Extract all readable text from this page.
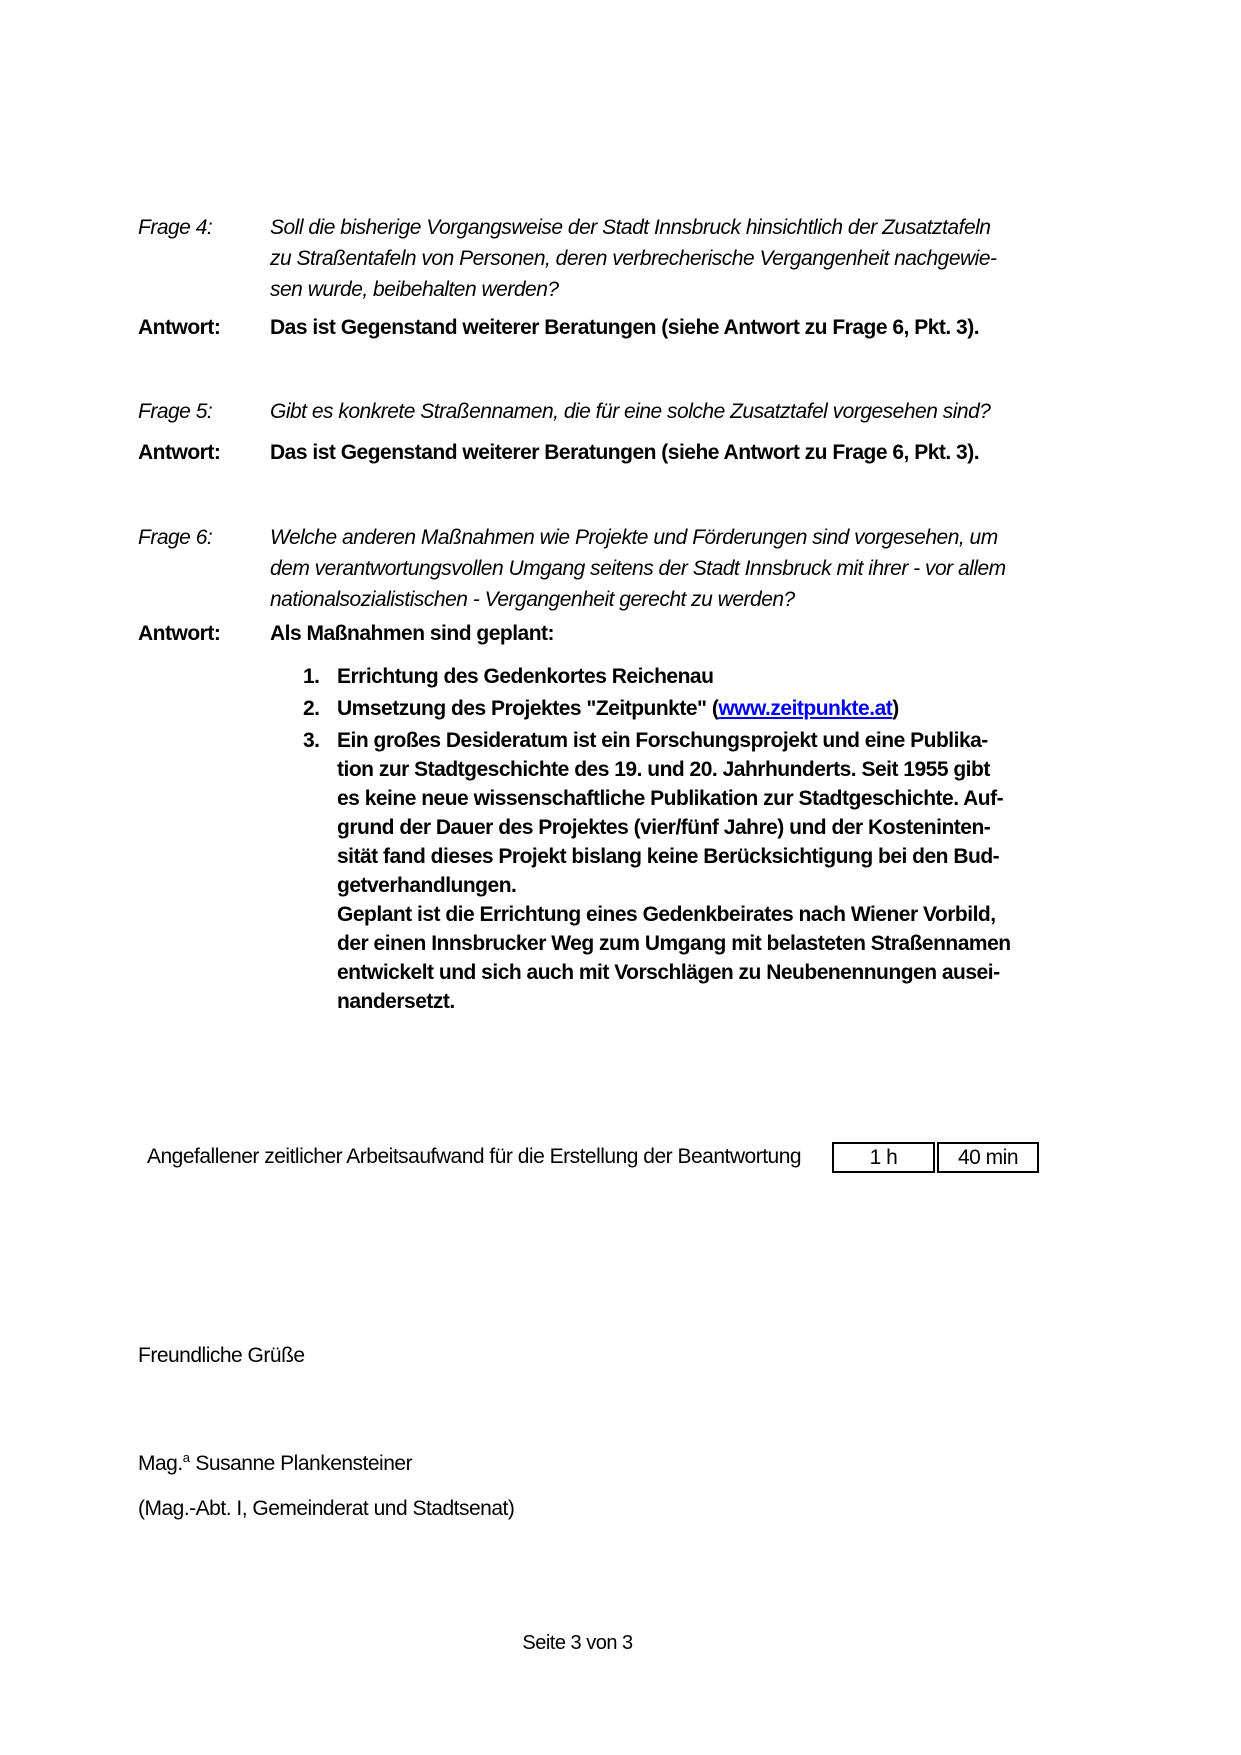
Frage 4:	Soll die bisherige Vorgangsweise der Stadt Innsbruck hinsichtlich der Zusatztafeln
zu Straßentafeln von Personen, deren verbrecherische Vergangenheit nachgewie-
sen wurde, beibehalten werden?
Antwort:	Das ist Gegenstand weiterer Beratungen (siehe Antwort zu Frage 6, Pkt. 3).
Frage 5:	Gibt es konkrete Straßennamen, die für eine solche Zusatztafel vorgesehen sind?
Antwort:	Das ist Gegenstand weiterer Beratungen (siehe Antwort zu Frage 6, Pkt. 3).
Frage 6:	Welche anderen Maßnahmen wie Projekte und Förderungen sind vorgesehen, um
dem verantwortungsvollen Umgang seitens der Stadt Innsbruck mit ihrer - vor allem
nationalsozialistischen - Vergangenheit gerecht zu werden?
Antwort:	Als Maßnahmen sind geplant:
1. Errichtung des Gedenkortes Reichenau
2. Umsetzung des Projektes "Zeitpunkte" (www.zeitpunkte.at)
3. Ein großes Desideratum ist ein Forschungsprojekt und eine Publika-
tion zur Stadtgeschichte des 19. und 20. Jahrhunderts. Seit 1955 gibt
es keine neue wissenschaftliche Publikation zur Stadtgeschichte. Auf-
grund der Dauer des Projektes (vier/fünf Jahre) und der Kosteninten-
sität fand dieses Projekt bislang keine Berücksichtigung bei den Bud-
getverhandlungen.
Geplant ist die Errichtung eines Gedenkbeirates nach Wiener Vorbild,
der einen Innsbrucker Weg zum Umgang mit belasteten Straßennamen
entwickelt und sich auch mit Vorschlägen zu Neubenennungen ausei-
nandersetzt.
Angefallener zeitlicher Arbeitsaufwand für die Erstellung der Beantwortung	1 h	40 min
Freundliche Grüße
Mag.$^a$ Susanne Plankensteiner
(Mag.-Abt. I, Gemeinderat und Stadtsenat)
Seite 3 von 3
